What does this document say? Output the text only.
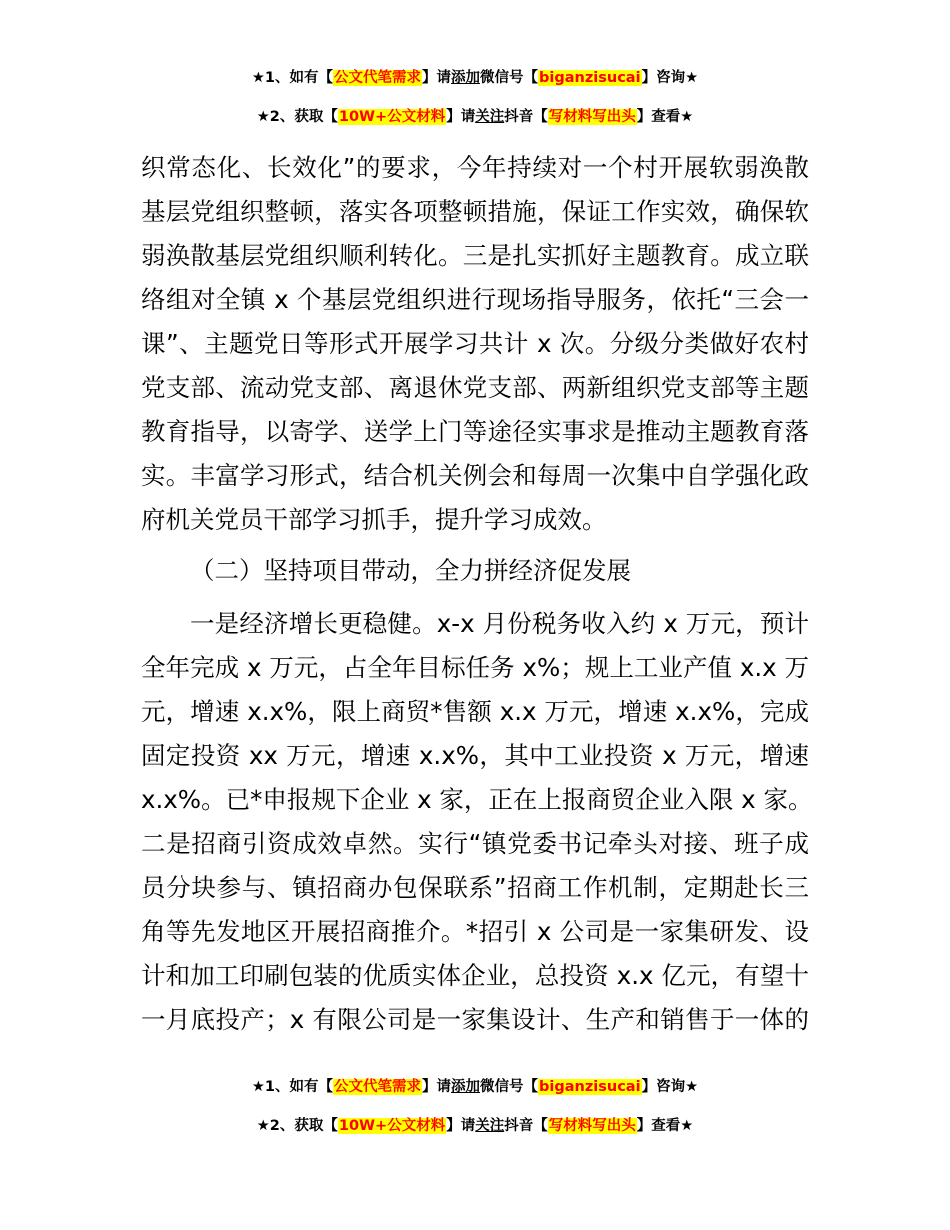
★1、如有【公文代笔需求】请添加微信号【biganzisucai】咨询★
★2、获取【10W+公文材料】请关注抖音【写材料写出头】查看★
织常态化、长效化”的要求，今年持续对一个村开展软弱涣散
基层党组织整顿，落实各项整顿措施，保证工作实效，确保软
弱涣散基层党组织顺利转化。三是扎实抓好主题教育。成立联
络组对全镇 x 个基层党组织进行现场指导服务，依托“三会一
课”、主题党日等形式开展学习共计 x 次。分级分类做好农村
党支部、流动党支部、离退休党支部、两新组织党支部等主题
教育指导，以寄学、送学上门等途径实事求是推动主题教育落
实。丰富学习形式，结合机关例会和每周一次集中自学强化政
府机关党员干部学习抓手，提升学习成效。
（二）坚持项目带动，全力拼经济促发展
一是经济增长更稳健。x-x 月份税务收入约 x 万元，预计
全年完成 x 万元，占全年目标任务 x%；规上工业产值 x.x 万
元，增速 x.x%，限上商贸*售额 x.x 万元，增速 x.x%，完成
固定投资 xx 万元，增速 x.x%，其中工业投资 x 万元，增速
x.x%。已*申报规下企业 x 家，正在上报商贸企业入限 x 家。
二是招商引资成效卓然。实行“镇党委书记牵头对接、班子成
员分块参与、镇招商办包保联系”招商工作机制，定期赴长三
角等先发地区开展招商推介。*招引 x 公司是一家集研发、设
计和加工印刷包装的优质实体企业，总投资 x.x 亿元，有望十
一月底投产；x 有限公司是一家集设计、生产和销售于一体的
★1、如有【公文代笔需求】请添加微信号【biganzisucai】咨询★
★2、获取【10W+公文材料】请关注抖音【写材料写出头】查看★
